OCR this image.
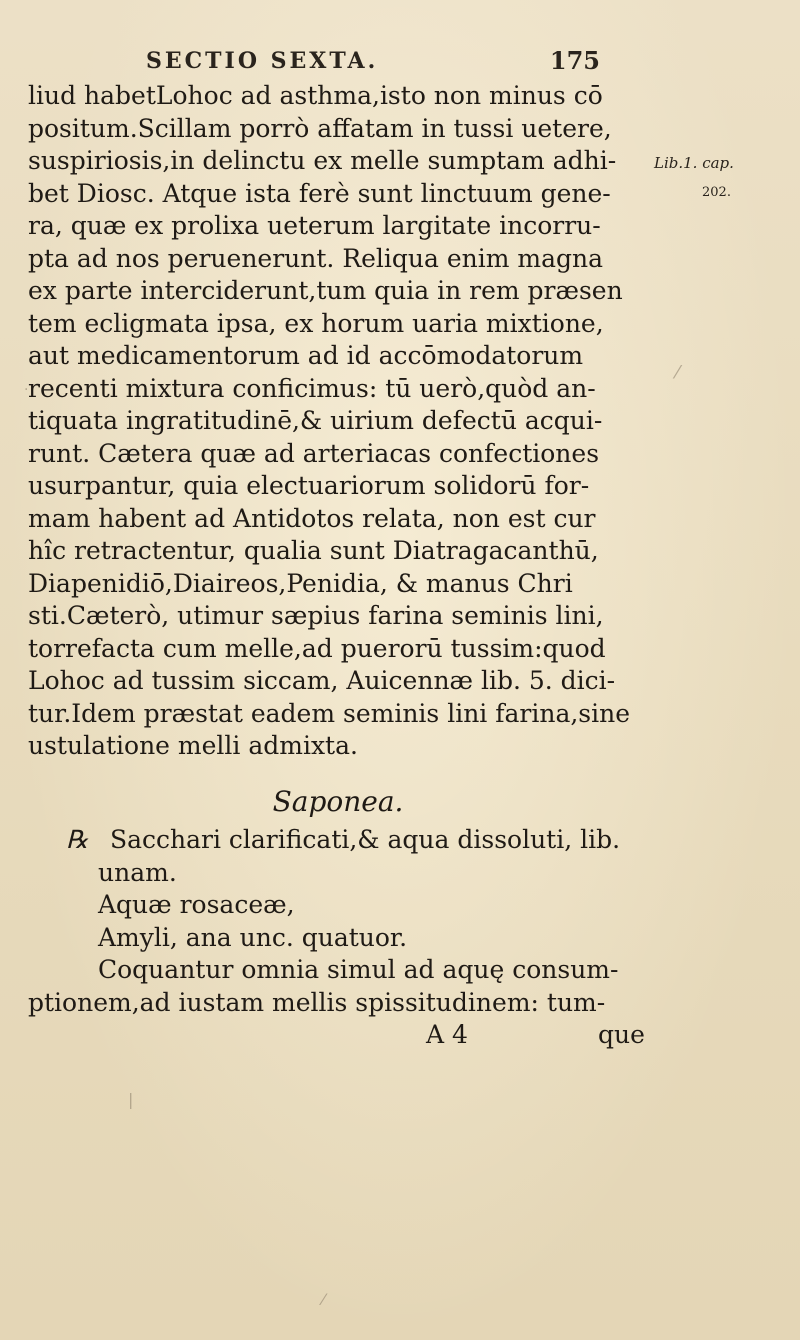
SECTIO SEXTA.	175
liud habetLohoc ad asthma,isto non minus cō
positum.Scillam porrò affatam in tussi uetere,
suspiriosis,in delinctu ex melle sumptam adhi-
bet Diosc. Atque ista ferè sunt linctuum gene-
ra, quæ ex prolixa ueterum largitate incorru-
pta ad nos peruenerunt. Reliqua enim magna
ex parte interciderunt,tum quia in rem præsen
tem ecligmata ipsa, ex horum uaria mixtione,
aut medicamentorum ad id accōmodatorum
recenti mixtura conficimus: tū uerò,quòd an-
tiquata ingratitudinē,& uirium defectū acqui-
runt. Cætera quæ ad arteriacas confectiones
usurpantur, quia electuariorum solidorū for-
mam habent ad Antidotos relata, non est cur
hîc retractentur, qualia sunt Diatragacanthū,
Diapenidiō,Diaireos,Penidia, & manus Chri
sti.Cæterò, utimur sæpius farina seminis lini,
torrefacta cum melle,ad puerorū tussim:quod
Lohoc ad tussim siccam, Auicennæ lib. 5. dici-
tur.Idem præstat eadem seminis lini farina,sine
ustulatione melli admixta.
Lib.1. cap.
202.
Saponea.
℞ Sacchari clarificati,& aqua dissoluti, lib.
unam.
Aquæ rosaceæ,
Amyli, ana unc. quatuor.
Coquantur omnia simul ad aquę consum-
ptionem,ad iustam mellis spissitudinem: tum-
A 4	que
⁄
.
|
⁄
